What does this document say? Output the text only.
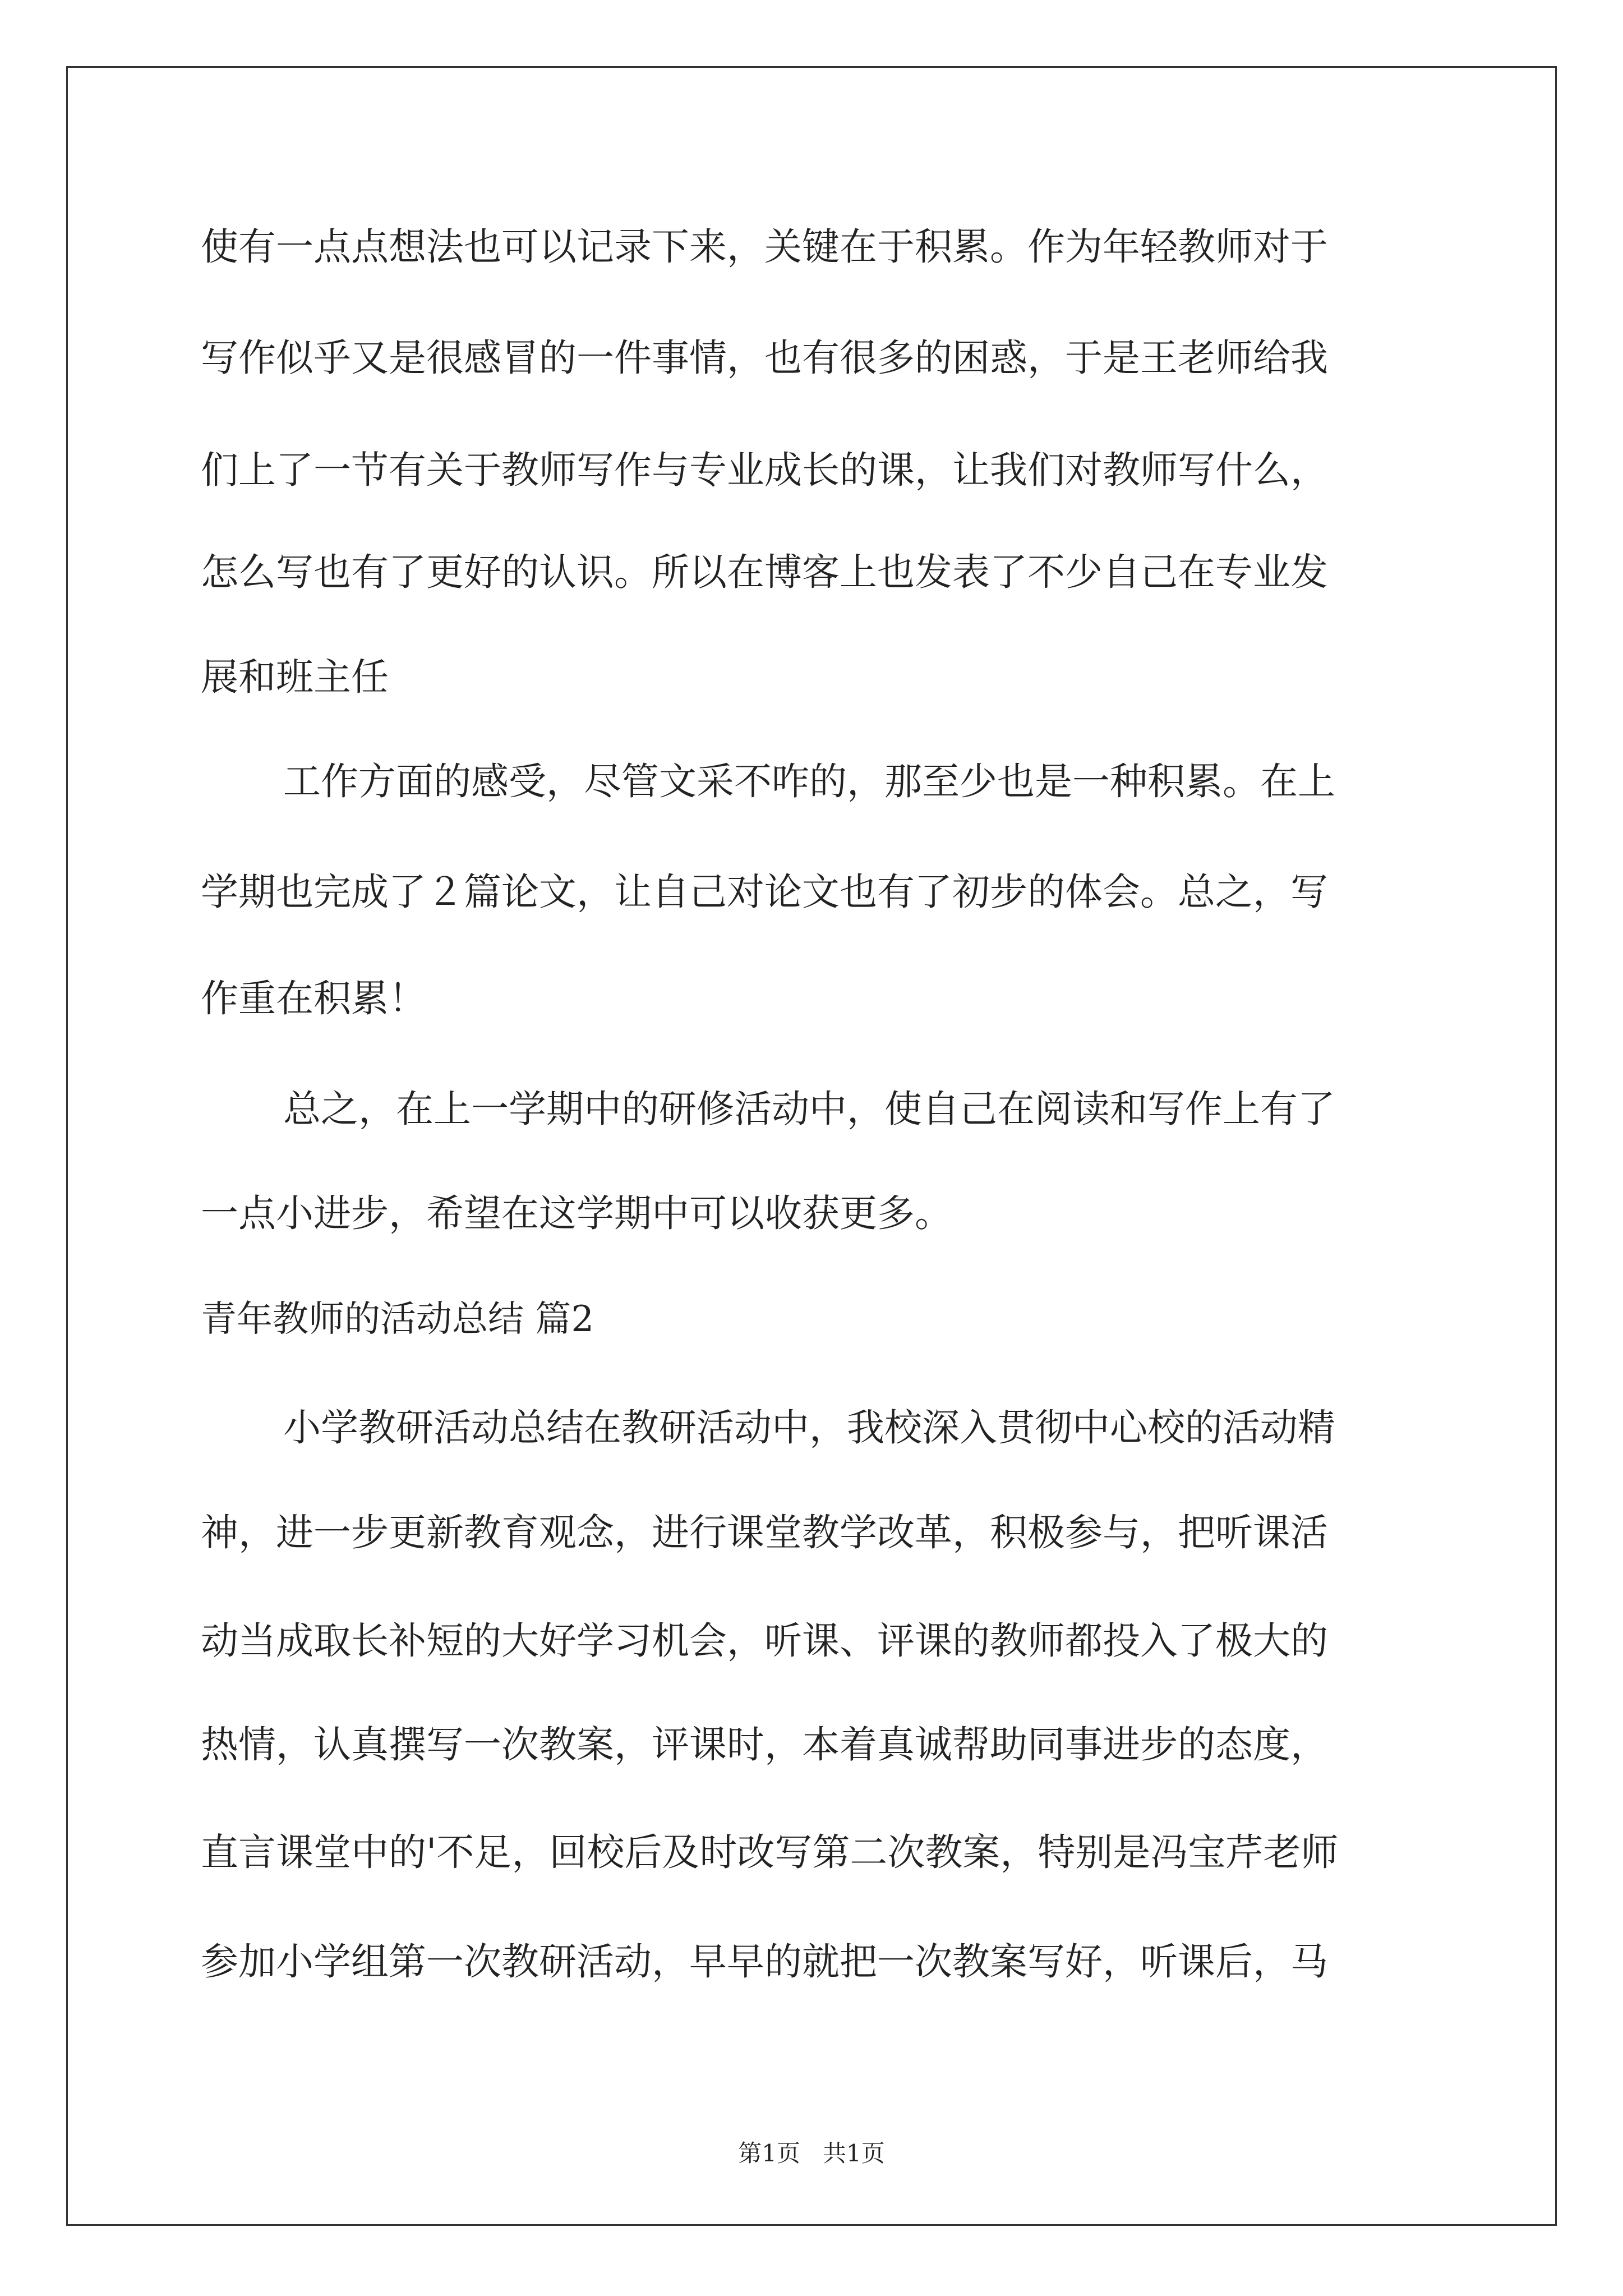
使有一点点想法也可以记录下来，关键在于积累。作为年轻教师对于

写作似乎又是很感冒的一件事情，也有很多的困惑，于是王老师给我

们上了一节有关于教师写作与专业成长的课，让我们对教师写什么，

怎么写也有了更好的认识。所以在博客上也发表了不少自己在专业发

展和班主任

工作方面的感受，尽管文采不咋的，那至少也是一种积累。在上

学期也完成了２篇论文，让自己对论文也有了初步的体会。总之，写

作重在积累！

总之，在上一学期中的研修活动中，使自己在阅读和写作上有了

一点小进步，希望在这学期中可以收获更多。

青年教师的活动总结 篇2

小学教研活动总结在教研活动中，我校深入贯彻中心校的活动精

神，进一步更新教育观念，进行课堂教学改革，积极参与，把听课活

动当成取长补短的大好学习机会，听课、评课的教师都投入了极大的

热情，认真撰写一次教案，评课时，本着真诚帮助同事进步的态度，

直言课堂中的'不足，回校后及时改写第二次教案，特别是冯宝芹老师

参加小学组第一次教研活动，早早的就把一次教案写好，听课后，马

第1页 共1页
